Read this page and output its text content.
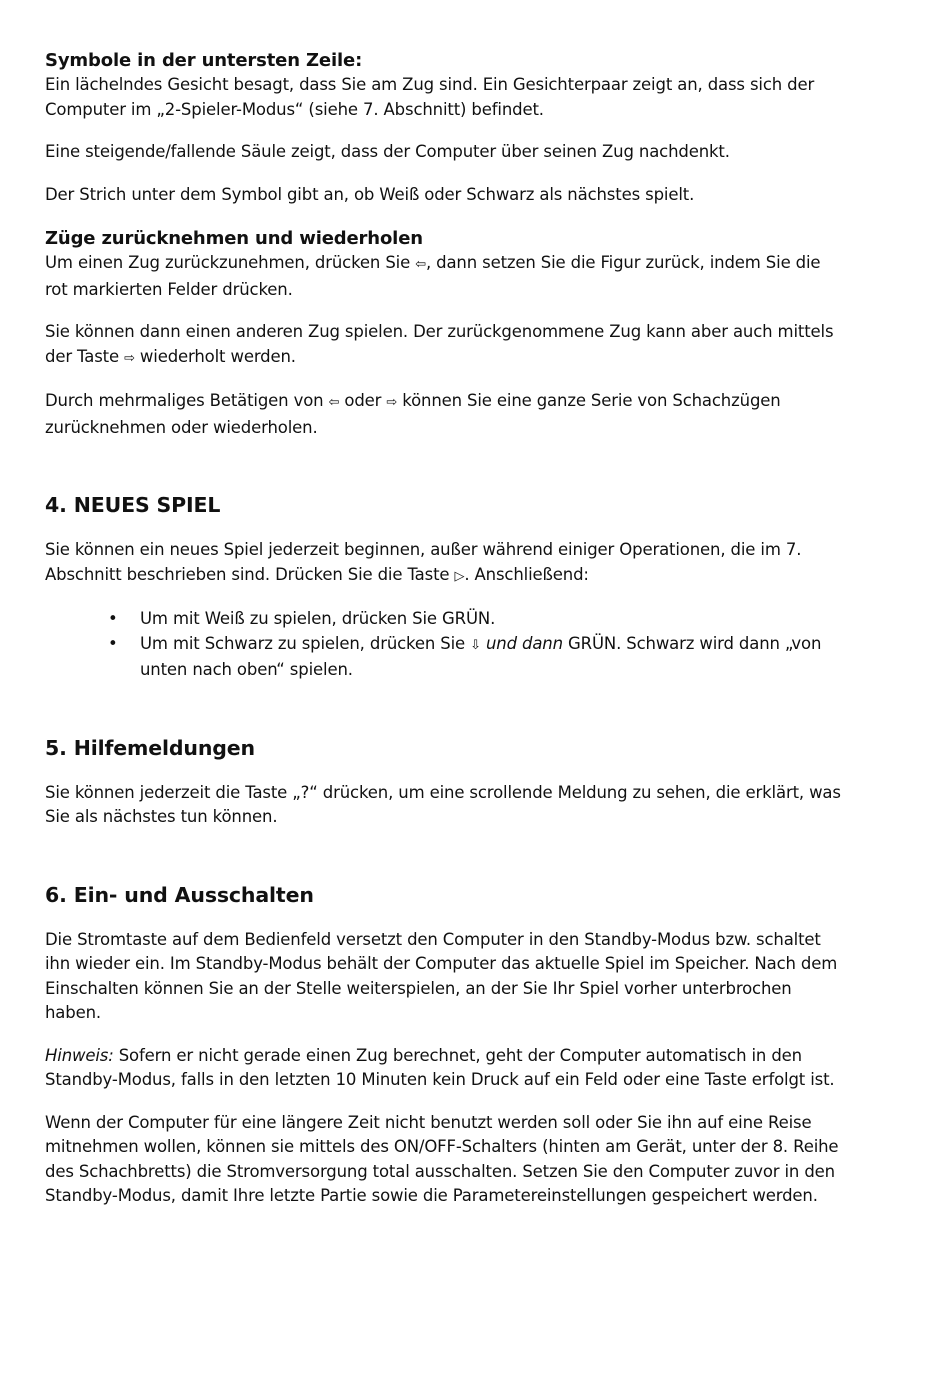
Symbole in der untersten Zeile:

Ein lächelndes Gesicht besagt, dass Sie am Zug sind. Ein Gesichterpaar zeigt an, dass sich der Computer im „2-Spieler-Modus“ (siehe 7. Abschnitt) befindet.

Eine steigende/fallende Säule zeigt, dass der Computer über seinen Zug nachdenkt.

Der Strich unter dem Symbol gibt an, ob Weiß oder Schwarz als nächstes spielt.

Züge zurücknehmen und wiederholen

Um einen Zug zurückzunehmen, drücken Sie ⇦, dann setzen Sie die Figur zurück, indem Sie die rot markierten Felder drücken.

Sie können dann einen anderen Zug spielen. Der zurückgenommene Zug kann aber auch mittels der Taste ⇨ wiederholt werden.

Durch mehrmaliges Betätigen von ⇦ oder ⇨ können Sie eine ganze Serie von Schachzügen zurücknehmen oder wiederholen.

4. NEUES SPIEL

Sie können ein neues Spiel jederzeit beginnen, außer während einiger Operationen, die im 7. Abschnitt beschrieben sind. Drücken Sie die Taste ▷. Anschließend:

• Um mit Weiß zu spielen, drücken Sie GRÜN.
• Um mit Schwarz zu spielen, drücken Sie ⇩ und dann GRÜN. Schwarz wird dann „von unten nach oben“ spielen.
5. Hilfemeldungen

Sie können jederzeit die Taste „?“ drücken, um eine scrollende Meldung zu sehen, die erklärt, was Sie als nächstes tun können.

6. Ein- und Ausschalten

Die Stromtaste auf dem Bedienfeld versetzt den Computer in den Standby-Modus bzw. schaltet ihn wieder ein. Im Standby-Modus behält der Computer das aktuelle Spiel im Speicher. Nach dem Einschalten können Sie an der Stelle weiterspielen, an der Sie Ihr Spiel vorher unterbrochen haben.

Hinweis: Sofern er nicht gerade einen Zug berechnet, geht der Computer automatisch in den Standby-Modus, falls in den letzten 10 Minuten kein Druck auf ein Feld oder eine Taste erfolgt ist.

Wenn der Computer für eine längere Zeit nicht benutzt werden soll oder Sie ihn auf eine Reise mitnehmen wollen, können sie mittels des ON/OFF-Schalters (hinten am Gerät, unter der 8. Reihe des Schachbretts) die Stromversorgung total ausschalten. Setzen Sie den Computer zuvor in den Standby-Modus, damit Ihre letzte Partie sowie die Parametereinstellungen gespeichert werden.
